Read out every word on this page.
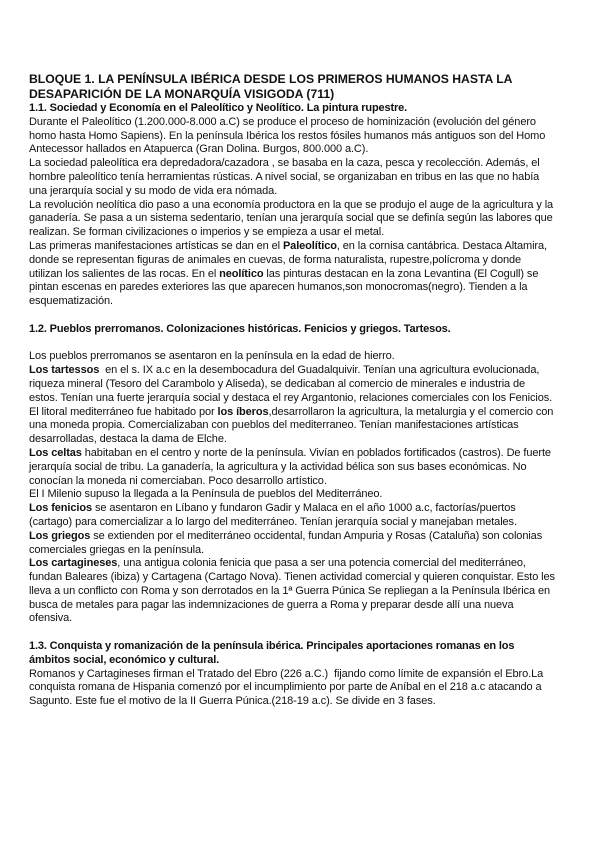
BLOQUE 1. LA PENÍNSULA IBÉRICA DESDE LOS PRIMEROS HUMANOS HASTA LA
DESAPARICIÓN DE LA MONARQUÍA VISIGODA (711)
1.1. Sociedad y Economía en el Paleolítico y Neolítico. La pintura rupestre.
Durante el Paleolítico (1.200.000-8.000 a.C) se produce el proceso de hominización (evolución del género
homo hasta Homo Sapiens). En la península Ibérica los restos fósiles humanos más antiguos son del Homo
Antecessor hallados en Atapuerca (Gran Dolina. Burgos, 800.000 a.C).
La sociedad paleolítica era depredadora/cazadora , se basaba en la caza, pesca y recolección. Además, el
hombre paleolítico tenía herramientas rústicas. A nivel social, se organizaban en tribus en las que no había
una jerarquía social y su modo de vida era nómada.
La revolución neolítica dio paso a una economía productora en la que se produjo el auge de la agricultura y la
ganadería. Se pasa a un sistema sedentario, tenían una jerarquía social que se definía según las labores que
realizan. Se forman civilizaciones o imperios y se empieza a usar el metal.
Las primeras manifestaciones artísticas se dan en el Paleolítico, en la cornisa cantábrica. Destaca Altamira,
donde se representan figuras de animales en cuevas, de forma naturalista, rupestre,polícroma y donde
utilizan los salientes de las rocas. En el neolítico las pinturas destacan en la zona Levantina (El Cogull) se
pintan escenas en paredes exteriores las que aparecen humanos,son monocromas(negro). Tienden a la
esquematización.
1.2. Pueblos prerromanos. Colonizaciones históricas. Fenicios y griegos. Tartesos.
Los pueblos prerromanos se asentaron en la península en la edad de hierro.
Los tartessos  en el s. IX a.c en la desembocadura del Guadalquivir. Tenían una agricultura evolucionada,
riqueza mineral (Tesoro del Carambolo y Aliseda), se dedicaban al comercio de minerales e industria de
estos. Tenían una fuerte jerarquía social y destaca el rey Argantonio, relaciones comerciales con los Fenicios.
El litoral mediterráneo fue habitado por los íberos,desarrollaron la agricultura, la metalurgia y el comercio con
una moneda propia. Comercializaban con pueblos del mediterraneo. Tenían manifestaciones artísticas
desarrolladas, destaca la dama de Elche.
Los celtas habitaban en el centro y norte de la península. Vivían en poblados fortificados (castros). De fuerte
jerarquía social de tribu. La ganadería, la agricultura y la actividad bélica son sus bases económicas. No
conocían la moneda ni comerciaban. Poco desarrollo artístico.
El I Milenio supuso la llegada a la Península de pueblos del Mediterráneo.
Los fenicios se asentaron en Líbano y fundaron Gadir y Malaca en el año 1000 a.c, factorías/puertos
(cartago) para comercializar a lo largo del mediterráneo. Tenían jerarquía social y manejaban metales.
Los griegos se extienden por el mediterráneo occidental, fundan Ampuria y Rosas (Cataluña) son colonias
comerciales griegas en la península.
Los cartagineses, una antigua colonia fenicia que pasa a ser una potencia comercial del mediterráneo,
fundan Baleares (ibiza) y Cartagena (Cartago Nova). Tienen actividad comercial y quieren conquistar. Esto les
lleva a un conflicto con Roma y son derrotados en la 1ª Guerra Púnica Se repliegan a la Península Ibérica en
busca de metales para pagar las indemnizaciones de guerra a Roma y preparar desde allí una nueva
ofensiva.
1.3. Conquista y romanización de la península ibérica. Principales aportaciones romanas en los
ámbitos social, económico y cultural.
Romanos y Cartagineses firman el Tratado del Ebro (226 a.C.)  fijando como límite de expansión el Ebro.La
conquista romana de Hispania comenzó por el incumplimiento por parte de Aníbal en el 218 a.c atacando a
Sagunto. Este fue el motivo de la II Guerra Púnica.(218-19 a.c). Se divide en 3 fases.
